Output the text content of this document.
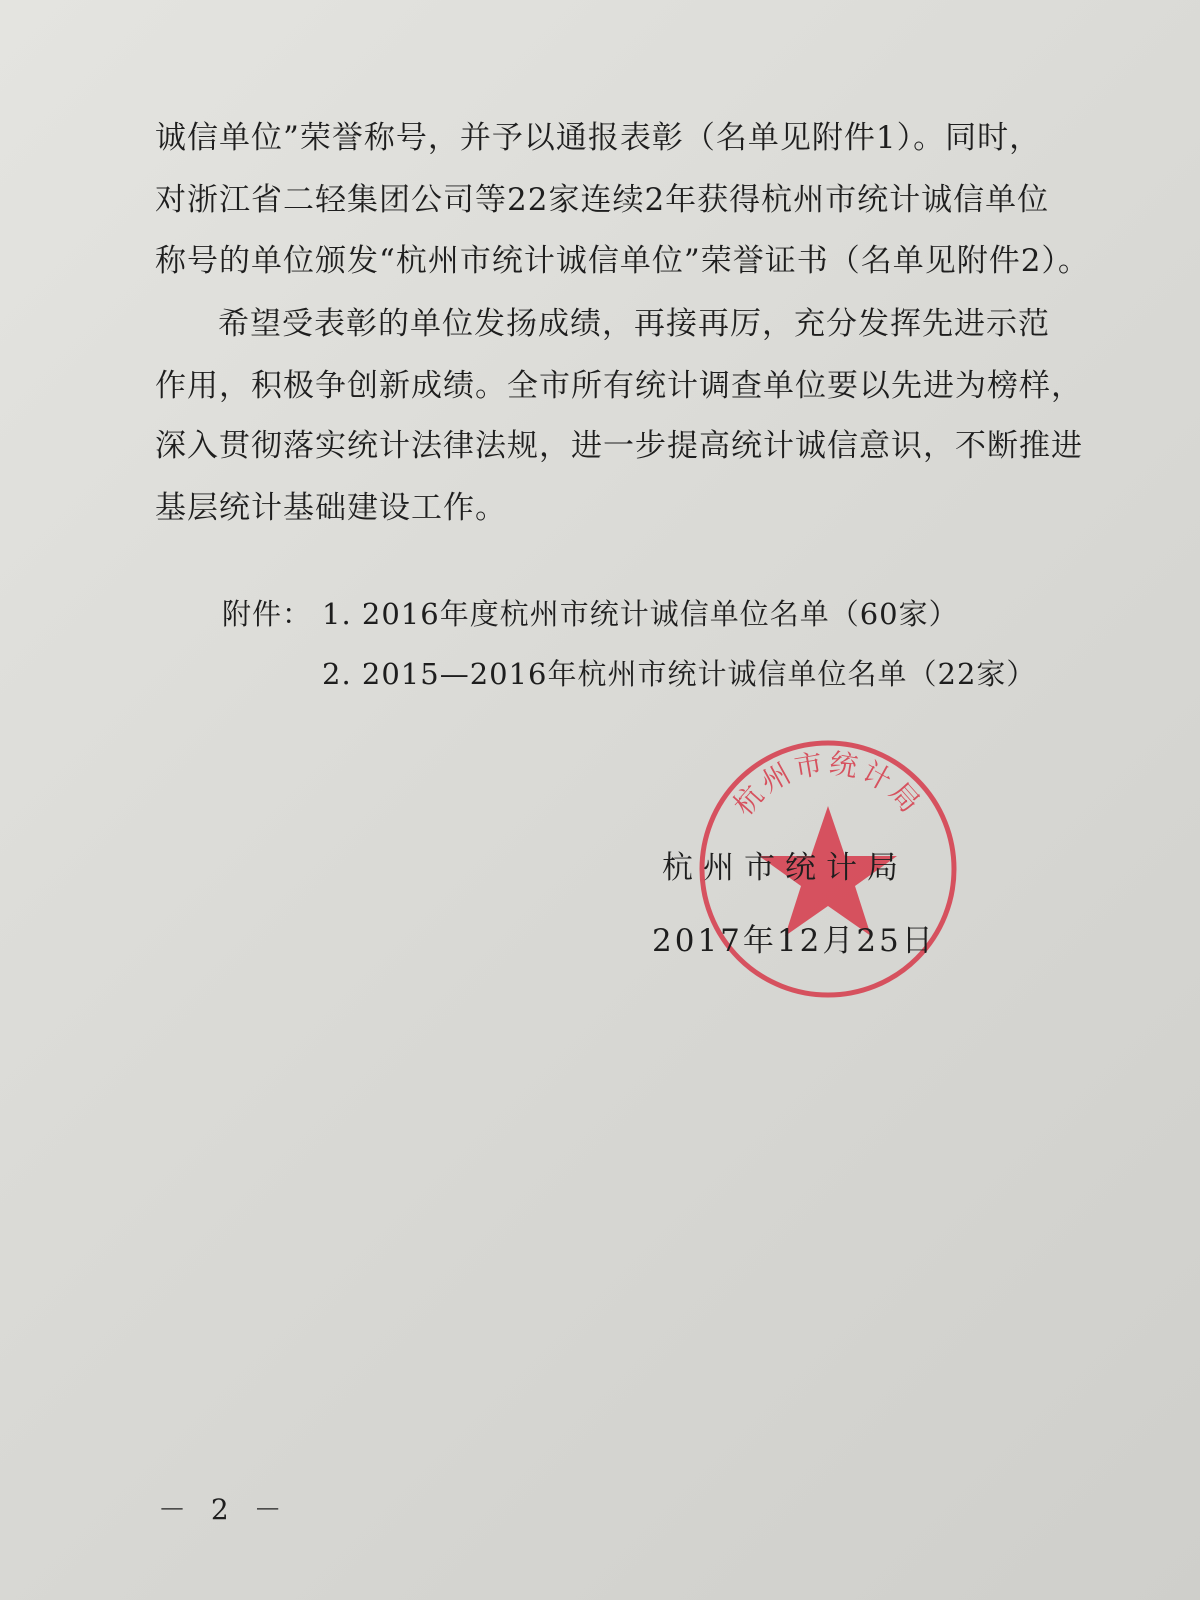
诚信单位”荣誉称号，并予以通报表彰（名单见附件1）。同时，
对浙江省二轻集团公司等22家连续2年获得杭州市统计诚信单位
称号的单位颁发“杭州市统计诚信单位”荣誉证书（名单见附件2）。
希望受表彰的单位发扬成绩，再接再厉，充分发挥先进示范
作用，积极争创新成绩。全市所有统计调查单位要以先进为榜样，
深入贯彻落实统计法律法规，进一步提高统计诚信意识，不断推进
基层统计基础建设工作。
附件： 1. 2016年度杭州市统计诚信单位名单（60家）
2. 2015—2016年杭州市统计诚信单位名单（22家）
杭州市统计局
杭州市统计局
2017年12月25日
－ 2 －
